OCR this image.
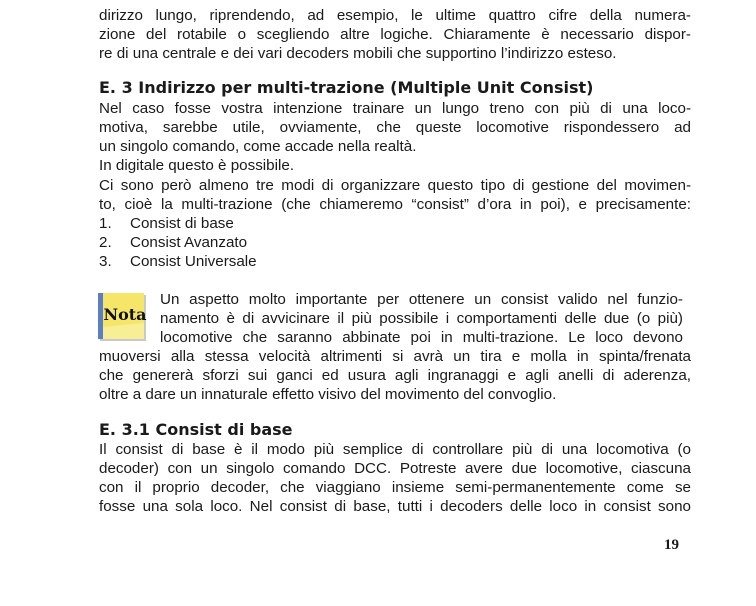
dirizzo lungo, riprendendo, ad esempio, le ultime quattro cifre della numera-
zione del rotabile o scegliendo altre logiche. Chiaramente è necessario dispor-
re di una centrale e dei vari decoders mobili che supportino l’indirizzo esteso.
E. 3 Indirizzo per multi-trazione (Multiple Unit Consist)
Nel caso fosse vostra intenzione trainare un lungo treno con più di una loco-
motiva, sarebbe utile, ovviamente, che queste locomotive rispondessero ad
un singolo comando, come accade nella realtà.
In digitale questo è possibile.
Ci sono però almeno tre modi di organizzare questo tipo di gestione del movimen-
to, cioè la multi-trazione (che chiameremo “consist” d’ora in poi), e precisamente:
1. Consist di base
2. Consist Avanzato
3. Consist Universale
Nota
Un aspetto molto importante per ottenere un consist valido nel funzio-
namento è di avvicinare il più possibile i comportamenti delle due (o più)
locomotive che saranno abbinate poi in multi-trazione. Le loco devono
muoversi alla stessa velocità altrimenti si avrà un tira e molla in spinta/frenata
che genererà sforzi sui ganci ed usura agli ingranaggi e agli anelli di aderenza,
oltre a dare un innaturale effetto visivo del movimento del convoglio.
E. 3.1 Consist di base
Il consist di base è il modo più semplice di controllare più di una locomotiva (o
decoder) con un singolo comando DCC. Potreste avere due locomotive, ciascuna
con il proprio decoder, che viaggiano insieme semi-permanentemente come se
fosse una sola loco. Nel consist di base, tutti i decoders delle loco in consist sono
19
